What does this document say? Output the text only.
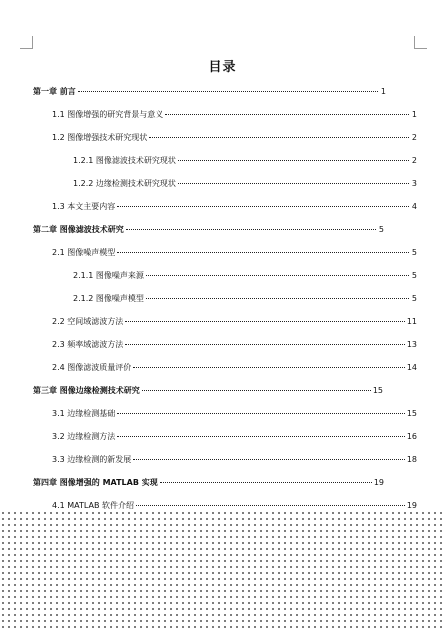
目录
第一章 前言	1
1.1 图像增强的研究背景与意义	1
1.2 图像增强技术研究现状	2
1.2.1 图像滤波技术研究现状	2
1.2.2 边缘检测技术研究现状	3
1.3 本文主要内容	4
第二章 图像滤波技术研究	5
2.1 图像噪声模型	5
2.1.1 图像噪声来源	5
2.1.2 图像噪声模型	5
2.2 空间域滤波方法	11
2.3 频率域滤波方法	13
2.4 图像滤波质量评价	14
第三章 图像边缘检测技术研究	15
3.1 边缘检测基础	15
3.2 边缘检测方法	16
3.3 边缘检测的新发展	18
第四章 图像增强的 MATLAB 实现	19
4.1 MATLAB 软件介绍	19
